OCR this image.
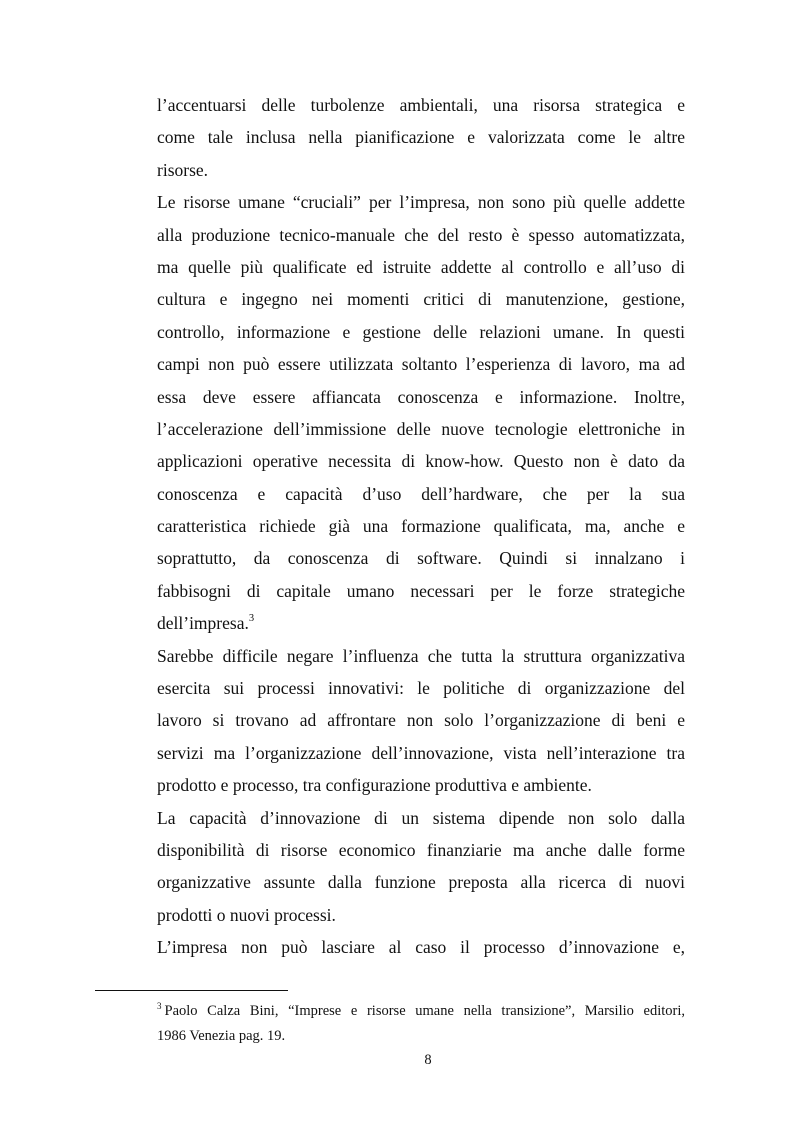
l’accentuarsi delle turbolenze ambientali, una risorsa strategica e
come tale inclusa nella pianificazione e valorizzata come le altre
risorse.
Le risorse umane “cruciali” per l’impresa, non sono più quelle addette
alla produzione tecnico-manuale che del resto è spesso automatizzata,
ma quelle più qualificate ed istruite addette al controllo e all’uso di
cultura e ingegno nei momenti critici di manutenzione, gestione,
controllo, informazione e gestione delle relazioni umane. In questi
campi non può essere utilizzata soltanto l’esperienza di lavoro, ma ad
essa deve essere affiancata conoscenza e informazione. Inoltre,
l’accelerazione dell’immissione delle nuove tecnologie elettroniche in
applicazioni operative necessita di know-how. Questo non è dato da
conoscenza e capacità d’uso dell’hardware, che per la sua
caratteristica richiede già una formazione qualificata, ma, anche e
soprattutto, da conoscenza di software. Quindi si innalzano i
fabbisogni di capitale umano necessari per le forze strategiche
dell’impresa.$^3$
Sarebbe difficile negare l’influenza che tutta la struttura organizzativa
esercita sui processi innovativi: le politiche di organizzazione del
lavoro si trovano ad affrontare non solo l’organizzazione di beni e
servizi ma l’organizzazione dell’innovazione, vista nell’interazione tra
prodotto e processo, tra configurazione produttiva e ambiente.
La capacità d’innovazione di un sistema dipende non solo dalla
disponibilità di risorse economico finanziarie ma anche dalle forme
organizzative assunte dalla funzione preposta alla ricerca di nuovi
prodotti o nuovi processi.
L’impresa non può lasciare al caso il processo d’innovazione e,
$^3$ Paolo Calza Bini, “Imprese e risorse umane nella transizione”, Marsilio editori,
1986 Venezia pag. 19.
8
